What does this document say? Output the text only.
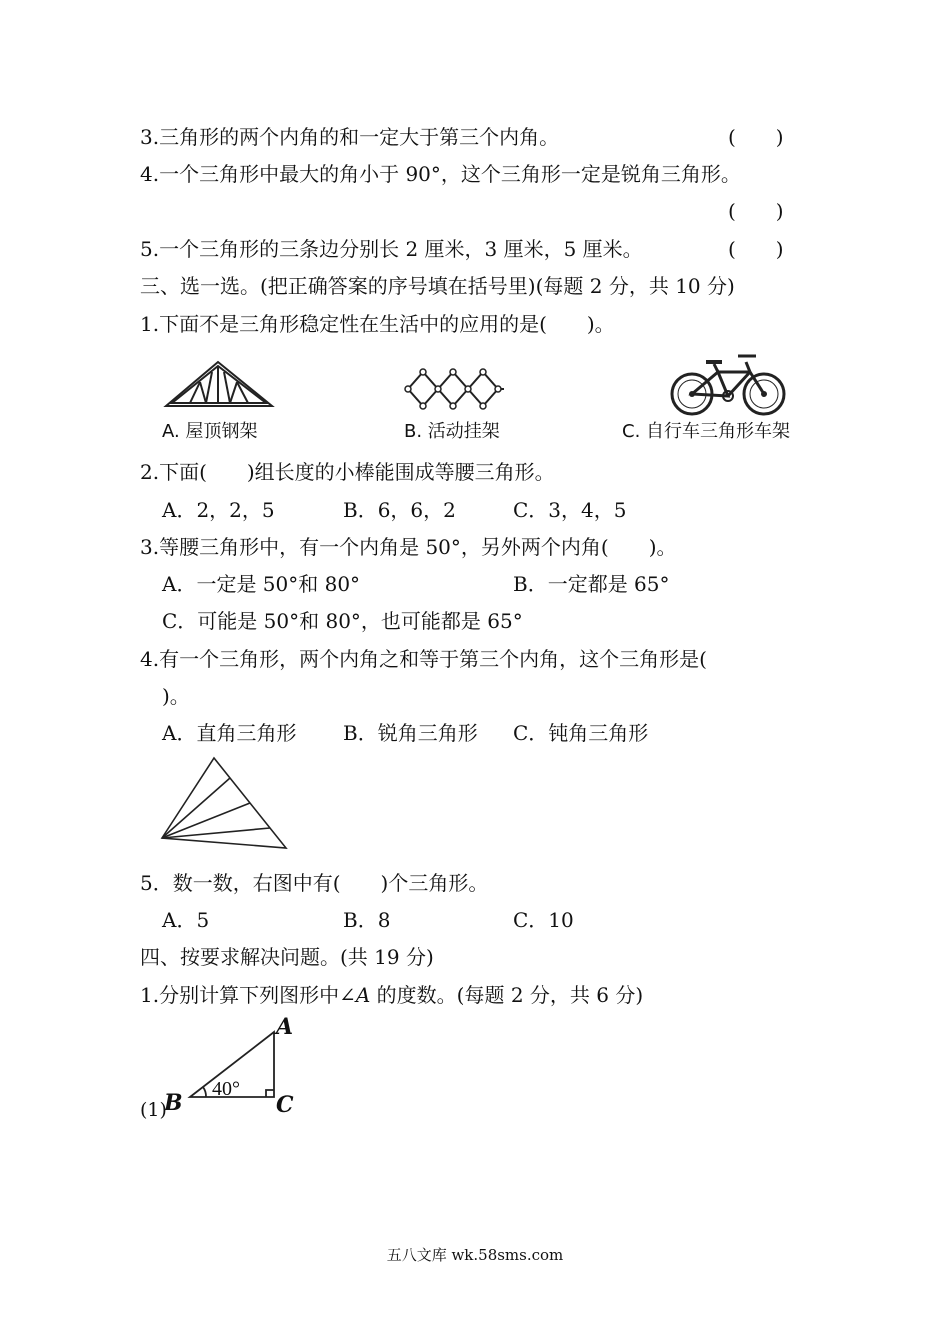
3.三角形的两个内角的和一定大于第三个内角。	(　　)
4.一个三角形中最大的角小于 90°，这个三角形一定是锐角三角形。
(　　)
5.一个三角形的三条边分别长 2 厘米，3 厘米，5 厘米。	(　　)
三、选一选。(把正确答案的序号填在括号里)(每题 2 分，共 10 分)
1.下面不是三角形稳定性在生活中的应用的是(　　)。
A. 屋顶钢架	B. 活动挂架	C. 自行车三角形车架
2.下面(　　)组长度的小棒能围成等腰三角形。
A．2，2，5	B．6，6，2	C．3，4，5
3.等腰三角形中，有一个内角是 50°，另外两个内角(　　)。
A．一定是 50°和 80°	B．一定都是 65°
C．可能是 50°和 80°，也可能都是 65°
4.有一个三角形，两个内角之和等于第三个内角，这个三角形是(
)。
A．直角三角形 B．锐角三角形 C．钝角三角形
5．数一数，右图中有(　　)个三角形。
A．5	B．8	C．10
四、按要求解决问题。(共 19 分)
1.分别计算下列图形中∠A 的度数。(每题 2 分，共 6 分)
(1)
40°
A
B	C
五八文库 wk.58sms.com
